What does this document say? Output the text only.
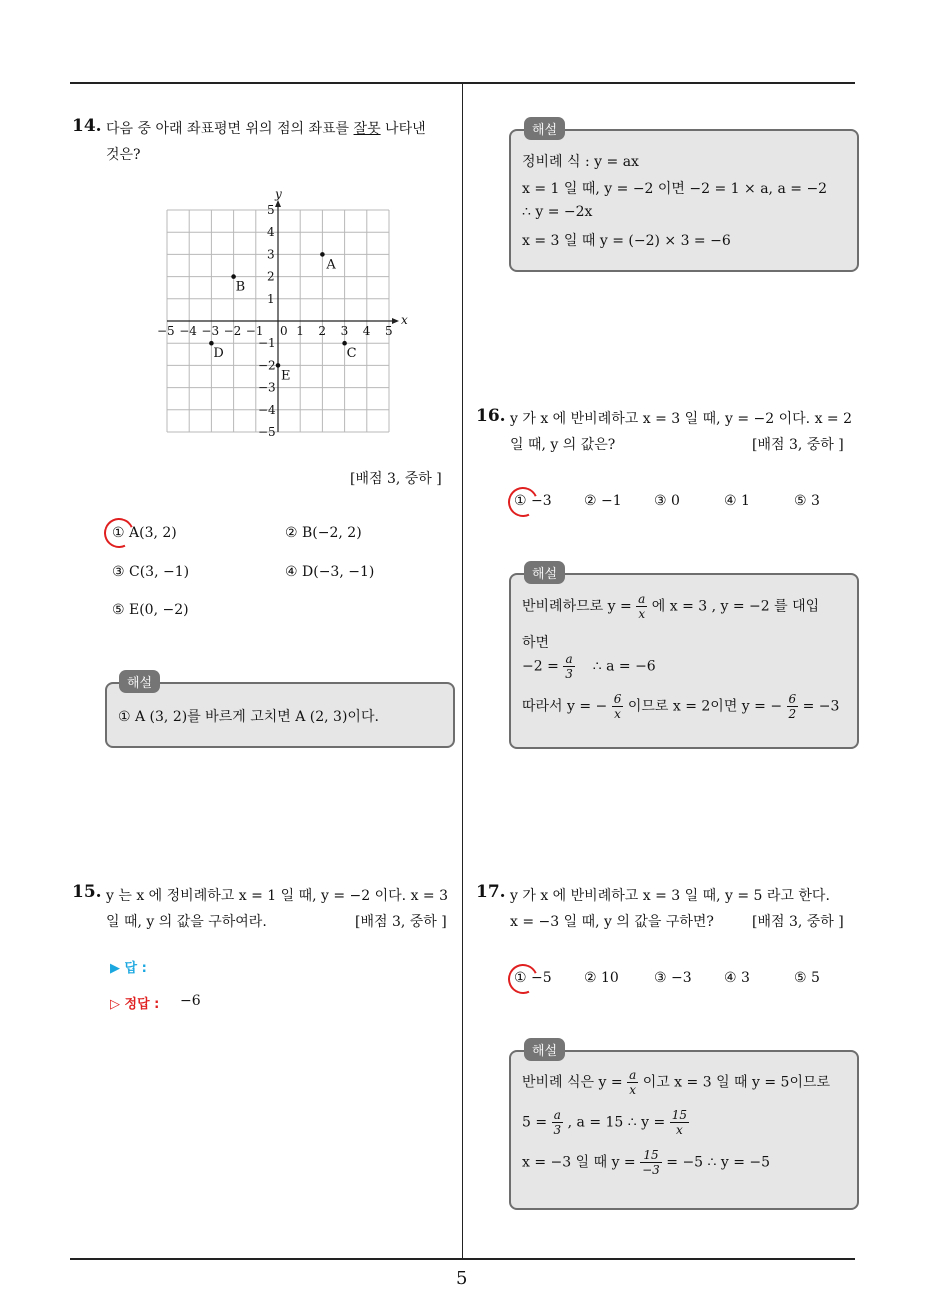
5
14. 다음 중 아래 좌표평면 위의 점의 좌표를 잘못 나타낸
것은?
x
y
−5 −4 −3 −2 −1 0 1 2 3 4 5
5
4
3
2
1
−1
−2
−3
−4
−5
A
B
C
D
E
[배점 3, 중하 ]
① A(3, 2)	② B(−2, 2)
③ C(3, −1)	④ D(−3, −1)
⑤ E(0, −2)
해설
① A (3, 2)를 바르게 고치면 A (2, 3)이다.
15. y 는 x 에 정비례하고 x = 1 일 때, y = −2 이다. x = 3
일 때, y 의 값을 구하여라.	[배점 3, 중하 ]
▶ 답 :
▷ 정답 : −6
해설
정비례 식 : y = ax
x = 1 일 때, y = −2 이면 −2 = 1 × a, a = −2
∴ y = −2x
x = 3 일 때 y = (−2) × 3 = −6
16. y 가 x 에 반비례하고 x = 3 일 때, y = −2 이다. x = 2
일 때, y 의 값은?	[배점 3, 중하 ]
① −3 ② −1 ③ 0	④ 1	⑤ 3
해설
반비례하므로 $y = \frac{a}{x}$ 에 x = 3 , y = −2 를 대입
하면
$-2 = \frac{a}{3}$ ∴ a = −6
따라서 y = − $\frac{6}{x}$ 이므로 x = 2이면 y = − $\frac{6}{2} = -3$
17. y 가 x 에 반비례하고 x = 3 일 때, y = 5 라고 한다.
x = −3 일 때, y 의 값을 구하면?	[배점 3, 중하 ]
① −5 ② 10	③ −3 ④ 3	⑤ 5
해설
반비례 식은 $y = \frac{a}{x}$ 이고 x = 3 일 때 y = 5이므로
$5 = \frac{a}{3}$ , a = 15 ∴ $y = \frac{15}{x}$
x = −3 일 때 $y = \frac{15}{-3} = -5$ ∴ y = −5
